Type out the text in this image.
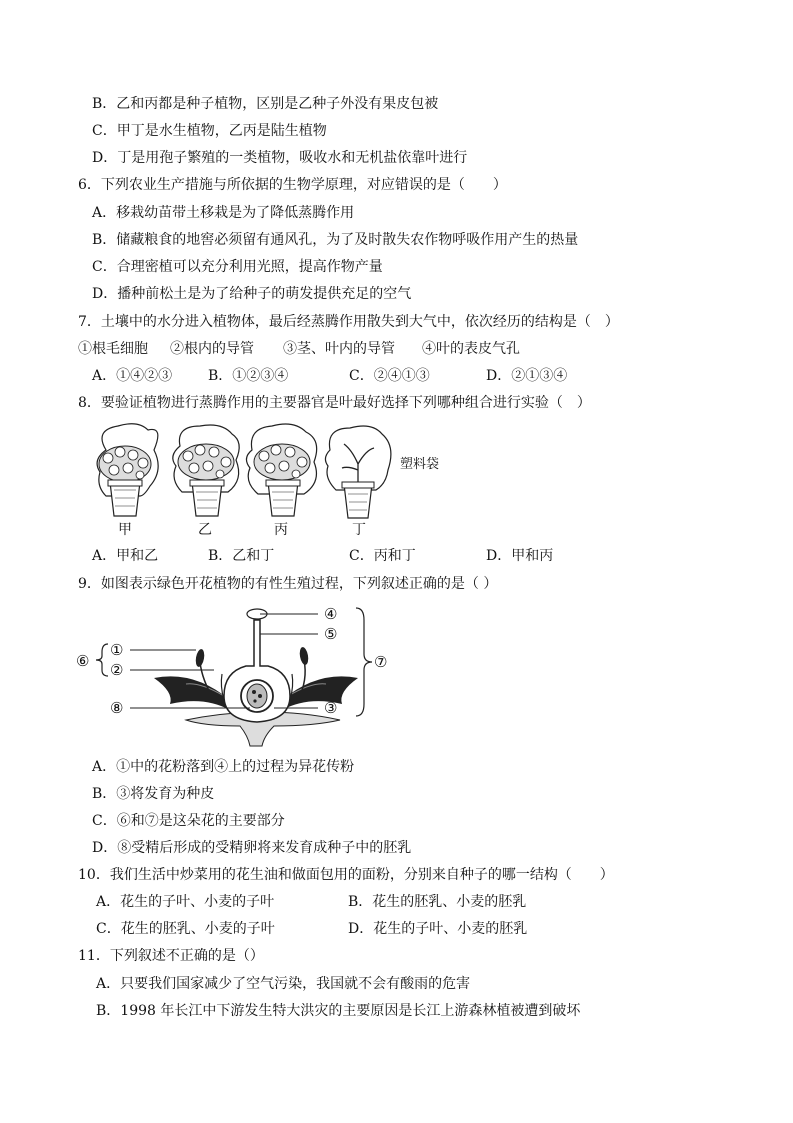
B．乙和丙都是种子植物，区别是乙种子外没有果皮包被
C．甲丁是水生植物，乙丙是陆生植物
D．丁是用孢子繁殖的一类植物，吸收水和无机盐依靠叶进行
6．下列农业生产措施与所依据的生物学原理，对应错误的是（　　）
A．移栽幼苗带土移栽是为了降低蒸腾作用
B．储藏粮食的地窖必须留有通风孔，为了及时散失农作物呼吸作用产生的热量
C．合理密植可以充分利用光照，提高作物产量
D．播种前松土是为了给种子的萌发提供充足的空气
7．土壤中的水分进入植物体，最后经蒸腾作用散失到大气中，依次经历的结构是（　）
①根毛细胞 ②根内的导管 ③茎、叶内的导管 ④叶的表皮气孔
A．①④②③	B．①②③④	C．②④①③	D．②①③④
8．要验证植物进行蒸腾作用的主要器官是叶最好选择下列哪种组合进行实验（　）
塑料袋
甲	乙	丙	丁
A．甲和乙	B．乙和丁	C．丙和丁	D．甲和丙
9．如图表示绿色开花植物的有性生殖过程，下列叙述正确的是（ ）
①
②
⑥
⑧
④
⑤
③
⑦
A．①中的花粉落到④上的过程为异花传粉
B．③将发育为种皮
C．⑥和⑦是这朵花的主要部分
D．⑧受精后形成的受精卵将来发育成种子中的胚乳
10．我们生活中炒菜用的花生油和做面包用的面粉，分别来自种子的哪一结构（　　）
A．花生的子叶、小麦的子叶	B．花生的胚乳、小麦的胚乳
C．花生的胚乳、小麦的子叶	D．花生的子叶、小麦的胚乳
11．下列叙述不正确的是（）
A．只要我们国家减少了空气污染，我国就不会有酸雨的危害
B．1998 年长江中下游发生特大洪灾的主要原因是长江上游森林植被遭到破坏
